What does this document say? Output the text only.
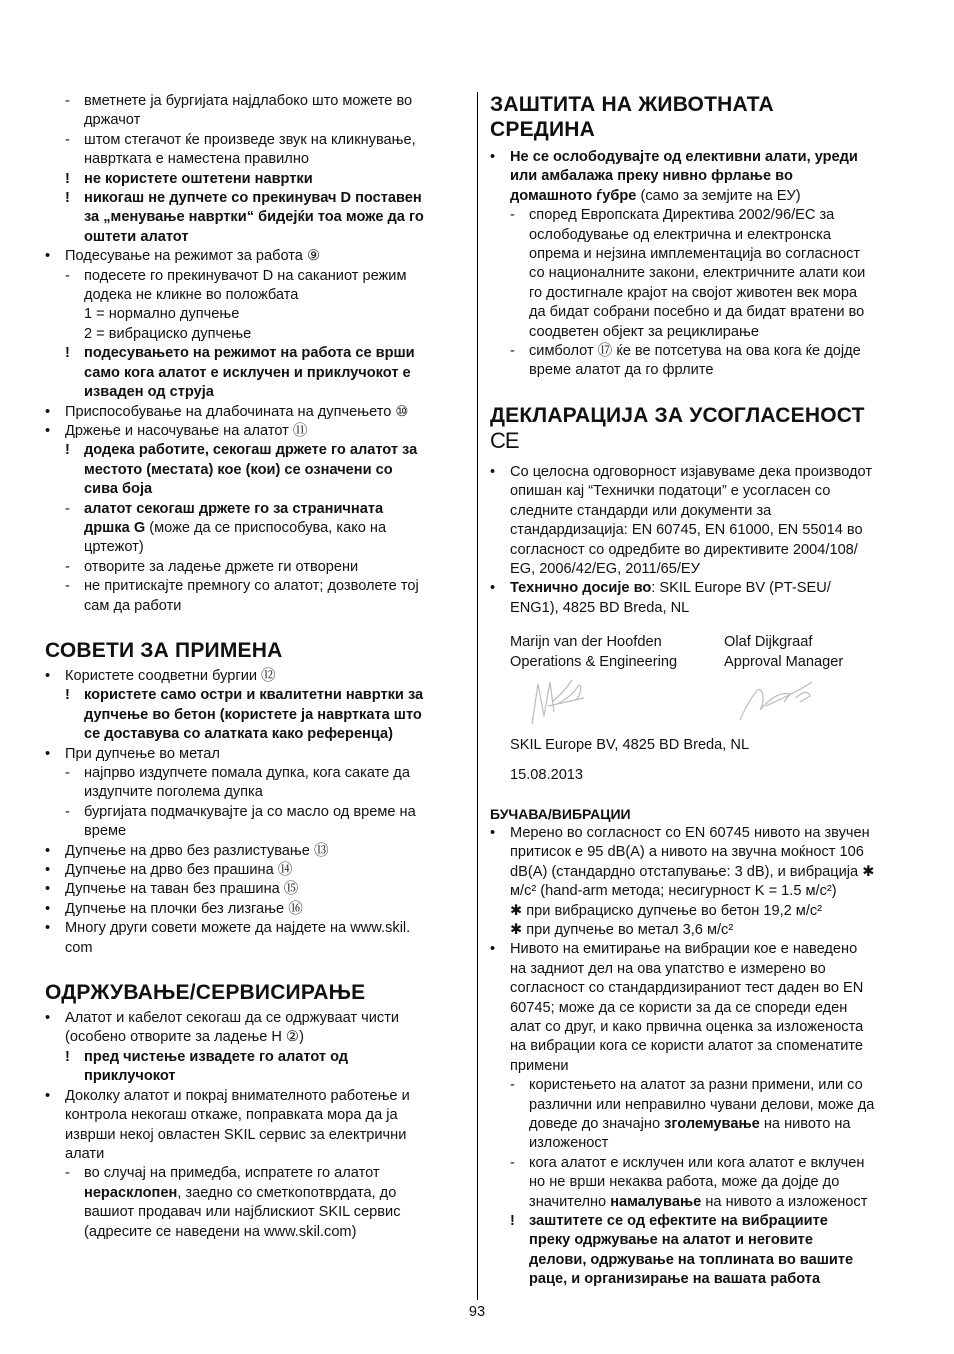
- вметнете ја бургијата најдлабоко што можете во
држачот
- штом стегачот ќе произведе звук на кликнување,
навртката е наместена правилно
! не користете оштетени навртки
! никогаш не дупчете со прекинувач D поставен
за „менување навртки“ бидејќи тоа може да го
оштети алатот
• Подесување на режимот за работа ⑨
- подесете го прекинувачот D на саканиот режим
додека не кликне во положбата
1 = нормално дупчење
2 = вибрациско дупчење
! подесувањето на режимот на работа се врши
само кога алатот е исклучен и приклучокот е
извaден од струја
• Приспособување на длабочината на дупчењето ⑩
• Држење и насочување на алатот ⑪
! додека работите, секогаш држете го алатот за
местото (местата) кое (кои) се означени со
сива боја
- алатот секогаш држете го за страничната
дршка G (може да се приспособува, како на
цртежот)
- отворите за ладење држете ги отворени
- не притискајте премногу со алатот; дозволете тој
сам да работи
СОВЕТИ ЗА ПРИМЕНА
• Користете соодветни бургии ⑫
! користете само остри и квалитетни навртки за
дупчење во бетон (користете ја навртката што
се доставува со алатката како референца)
• При дупчење во метал
- најпрво издупчете помала дупка, кога сакате да
издупчите поголема дупка
- бургијата подмачкувајте ја со масло од време на
време
• Дупчење на дрво без разлистување ⑬
• Дупчење на дрво без прашина ⑭
• Дупчење на таван без прашина ⑮
• Дупчење на плочки без лизгање ⑯
• Многу други совети можете да најдете на www.skil.
com
ОДРЖУВАЊЕ/СЕРВИСИРАЊЕ
• Алатот и кабелот секогаш да се одржуваат чисти
(особено отворите за ладење H ②)
! пред чистење извадете го алатот од
приклучокот
• Доколку алатот и покрај внимателното работење и
контрола некогаш откаже, поправката мора да ја
изврши некој овластен SKIL сервис за електрични
алати
- во случај на примедба, испратете го алатот
нерасклопен, заедно со сметкопотврдата, до
вашиот продавач или најблискиот SKIL сервис
(адресите се наведени на www.skil.com)
ЗАШТИТА НА ЖИВОТНАТА
СРЕДИНА
• Не се ослободувајте од елективни алати, уреди
или амбалажа преку нивно фрлање во
домашното ѓубре (само за земјите на ЕУ)
- според Европската Директива 2002/96/ЕС за
ослободување од електрична и електронска
опрема и нејзина имплементација во согласност
со националните закони, електричните алати кои
го достигнале крајот на својот животен век мора
да бидат собрани посебно и да бидат вратени во
соодветен објект за рециклирање
- симболот ⑰ ќе ве потсетува на ова кога ќе дојде
време алатот да го фрлите
ДЕКЛАРАЦИЈА ЗА УСОГЛАСЕНОСТ
CE
• Со целосна одговорност изјавуваме дека производот
опишан кај “Технички податоци” е усогласен со
следните стандарди или документи за
стандардизација: EN 60745, EN 61000, EN 55014 во
согласност со одредбите во директивите 2004/108/
EG, 2006/42/EG, 2011/65/EУ
• Технично досије во: SKIL Europe BV (PT-SEU/
ENG1), 4825 BD Breda, NL
Marijn van der Hoofden	Olaf Dijkgraaf
Operations & Engineering	Approval Manager
SKIL Europe BV, 4825 BD Breda, NL
15.08.2013
БУЧАВА/ВИБРАЦИИ
• Мерено во согласност со EN 60745 нивото на звучен
притисок е 95 dB(A) а нивото на звучна моќност 106
dB(A) (стандардно отстапување: 3 dB), и вибрација ✱
м/с² (hand-arm метода; несигурност K = 1.5 м/с²)
✱ при вибрациско дупчење во бетон 19,2 м/с²
✱ при дупчење во метал 3,6 м/с²
• Нивото на емитирање на вибрации кое е наведено
на задниот дел на ова упатство е измерено во
согласност со стандардизираниот тест даден во EN
60745; може да се користи за да се спореди еден
алат со друг, и како првична оценка за изложеноста
на вибрации кога се користи алатот за споменатите
примени
- користењето на алатот за разни примени, или со
различни или неправилно чувани делови, може да
доведе до значајно зголемување на нивото на
изложеност
- кога алатот е исклучен или кога алатот е вклучен
но не врши некаква работа, може да дојде до
значително намалување на нивото а изложеност
! заштитете се од ефектите на вибрациите
преку одржување на алатот и неговите
делови, одржување на топлината во вашите
раце, и организирање на вашата работа
93
